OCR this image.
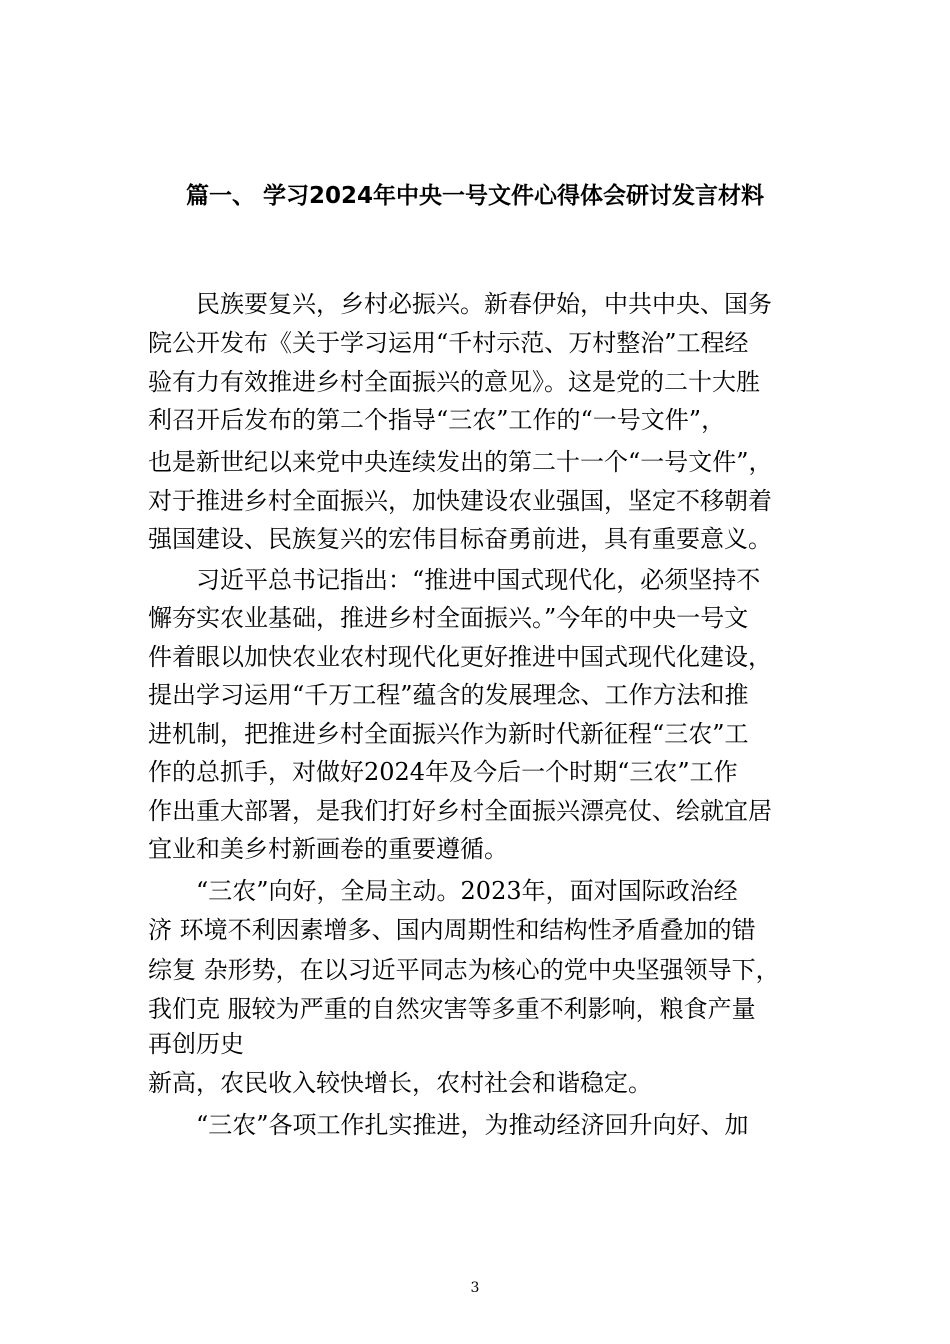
篇一、 学习2024年中央一号文件心得体会研讨发言材料
　　民族要复兴，乡村必振兴。新春伊始，中共中央、国务
院公开发布《关于学习运用“千村示范、万村整治”工程经
验有力有效推进乡村全面振兴的意见》。这是党的二十大胜
利召开后发布的第二个指导“三农”工作的“一号文件”，
也是新世纪以来党中央连续发出的第二十一个“一号文件”，
对于推进乡村全面振兴，加快建设农业强国，坚定不移朝着
强国建设、民族复兴的宏伟目标奋勇前进，具有重要意义。
　　习近平总书记指出：“推进中国式现代化，必须坚持不
懈夯实农业基础，推进乡村全面振兴。”今年的中央一号文
件着眼以加快农业农村现代化更好推进中国式现代化建设，
提出学习运用“千万工程”蕴含的发展理念、工作方法和推
进机制，把推进乡村全面振兴作为新时代新征程“三农”工
作的总抓手，对做好2024年及今后一个时期“三农”工作
作出重大部署，是我们打好乡村全面振兴漂亮仗、绘就宜居
宜业和美乡村新画卷的重要遵循。
　　“三农”向好，全局主动。2023年，面对国际政治经
济 环境不利因素增多、国内周期性和结构性矛盾叠加的错
综复 杂形势，在以习近平同志为核心的党中央坚强领导下，
我们克 服较为严重的自然灾害等多重不利影响，粮食产量
再创历史
新高，农民收入较快增长，农村社会和谐稳定。
　　“三农”各项工作扎实推进，为推动经济回升向好、加
3
